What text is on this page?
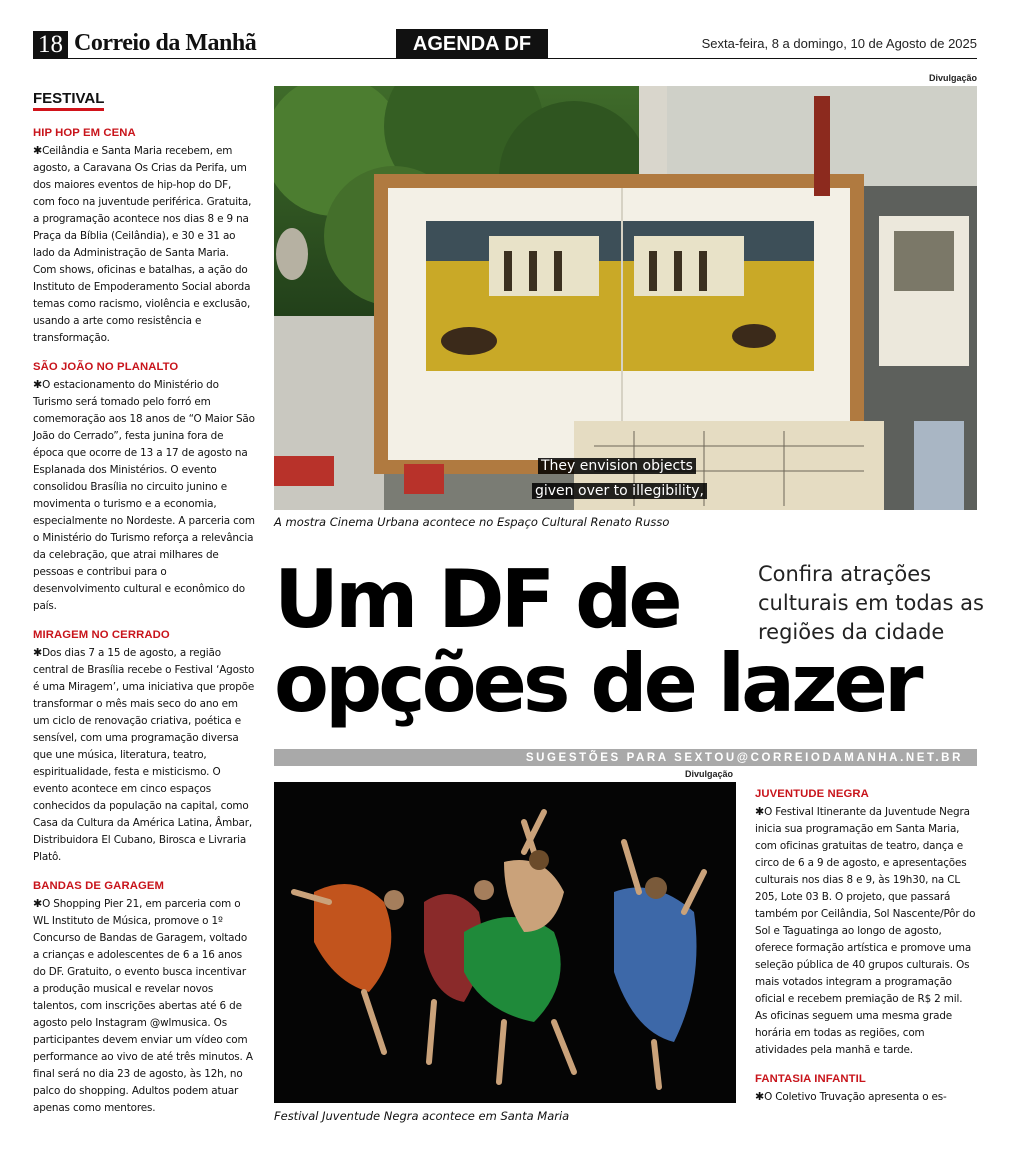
18 Correio da Manhã	AGENDA DF	Sexta-feira, 8 a domingo, 10 de Agosto de 2025
FESTIVAL

HIP HOP EM CENA

✱Ceilândia e Santa Maria recebem, em agosto, a Caravana Os Crias da Perifa, um dos maiores eventos de hip-hop do DF, com foco na juventude periférica. Gratuita, a programação acontece nos dias 8 e 9 na Praça da Bíblia (Ceilândia), e 30 e 31 ao lado da Administração de Santa Maria. Com shows, oficinas e batalhas, a ação do Instituto de Empoderamento Social aborda temas como racismo, violência e exclusão, usando a arte como resistência e transformação.

SÃO JOÃO NO PLANALTO

✱O estacionamento do Ministério do Turismo será tomado pelo forró em comemoração aos 18 anos de “O Maior São João do Cerrado”, festa junina fora de época que ocorre de 13 a 17 de agosto na Esplanada dos Ministérios. O evento consolidou Brasília no circuito junino e movimenta o turismo e a economia, especialmente no Nordeste. A parceria com o Ministério do Turismo reforça a relevância da celebração, que atrai milhares de pessoas e contribui para o desenvolvimento cultural e econômico do país.

MIRAGEM NO CERRADO

✱Dos dias 7 a 15 de agosto, a região central de Brasília recebe o Festival ‘Agosto é uma Miragem’, uma iniciativa que propõe transformar o mês mais seco do ano em um ciclo de renovação criativa, poética e sensível, com uma programação diversa que une música, literatura, teatro, espiritualidade, festa e misticismo. O evento acontece em cinco espaços conhecidos da população na capital, como Casa da Cultura da América Latina, Âmbar, Distribuidora El Cubano, Birosca e Livraria Platô.

BANDAS DE GARAGEM

✱O Shopping Pier 21, em parceria com o WL Instituto de Música, promove o 1º Concurso de Bandas de Garagem, voltado a crianças e adolescentes de 6 a 16 anos do DF. Gratuito, o evento busca incentivar a produção musical e revelar novos talentos, com inscrições abertas até 6 de agosto pelo Instagram @wlmusica. Os participantes devem enviar um vídeo com performance ao vivo de até três minutos. A final será no dia 23 de agosto, às 12h, no palco do shopping. Adultos podem atuar apenas como mentores.

Divulgação
They envision objects
given over to illegibility,
A mostra Cinema Urbana acontece no Espaço Cultural Renato Russo
Um DF de
opções de lazer
Confira atrações culturais em todas as regiões da cidade
SUGESTÕES PARA SEXTOU@CORREIODAMANHA.NET.BR
Divulgação
Festival Juventude Negra acontece em Santa Maria

JUVENTUDE NEGRA

✱O Festival Itinerante da Juventude Negra inicia sua programação em Santa Maria, com oficinas gratuitas de teatro, dança e circo de 6 a 9 de agosto, e apresentações culturais nos dias 8 e 9, às 19h30, na CL 205, Lote 03 B. O projeto, que passará também por Ceilândia, Sol Nascente/Pôr do Sol e Taguatinga ao longo de agosto, oferece formação artística e promove uma seleção pública de 40 grupos culturais. Os mais votados integram a programação oficial e recebem premiação de R$ 2 mil. As oficinas seguem uma mesma grade horária em todas as regiões, com atividades pela manhã e tarde.

FANTASIA INFANTIL

✱O Coletivo Truvação apresenta o es-
